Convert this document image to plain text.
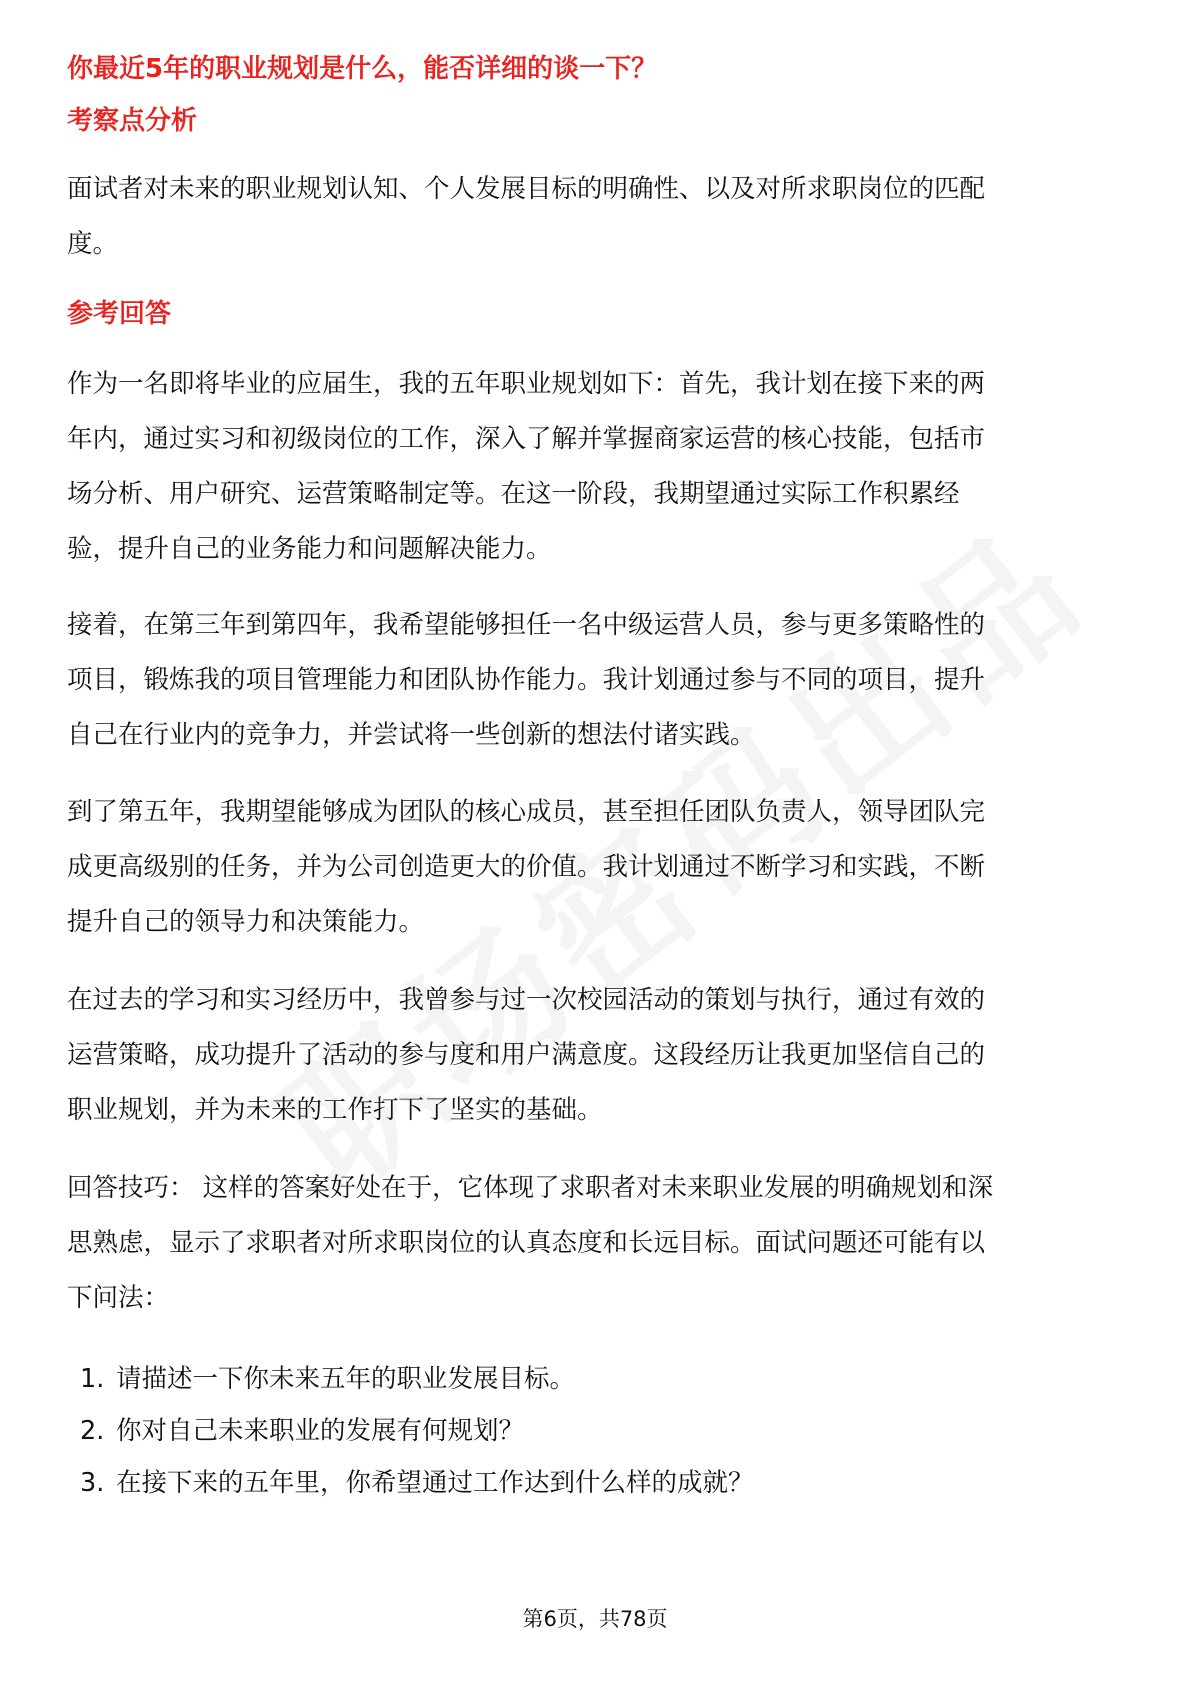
你最近5年的职业规划是什么，能否详细的谈一下？
考察点分析

面试者对未来的职业规划认知、个人发展目标的明确性、以及对所求职岗位的匹配
度。

参考回答

作为一名即将毕业的应届生，我的五年职业规划如下：首先，我计划在接下来的两
年内，通过实习和初级岗位的工作，深入了解并掌握商家运营的核心技能，包括市
场分析、用户研究、运营策略制定等。在这一阶段，我期望通过实际工作积累经
验，提升自己的业务能力和问题解决能力。

接着，在第三年到第四年，我希望能够担任一名中级运营人员，参与更多策略性的
项目，锻炼我的项目管理能力和团队协作能力。我计划通过参与不同的项目，提升
自己在行业内的竞争力，并尝试将一些创新的想法付诸实践。

到了第五年，我期望能够成为团队的核心成员，甚至担任团队负责人，领导团队完
成更高级别的任务，并为公司创造更大的价值。我计划通过不断学习和实践，不断
提升自己的领导力和决策能力。

在过去的学习和实习经历中，我曾参与过一次校园活动的策划与执行，通过有效的
运营策略，成功提升了活动的参与度和用户满意度。这段经历让我更加坚信自己的
职业规划，并为未来的工作打下了坚实的基础。

回答技巧： 这样的答案好处在于，它体现了求职者对未来职业发展的明确规划和深
思熟虑，显示了求职者对所求职岗位的认真态度和长远目标。面试问题还可能有以
下问法：

1. 请描述一下你未来五年的职业发展目标。
2. 你对自己未来职业的发展有何规划？
3. 在接下来的五年里，你希望通过工作达到什么样的成就？
第6页，共78页
